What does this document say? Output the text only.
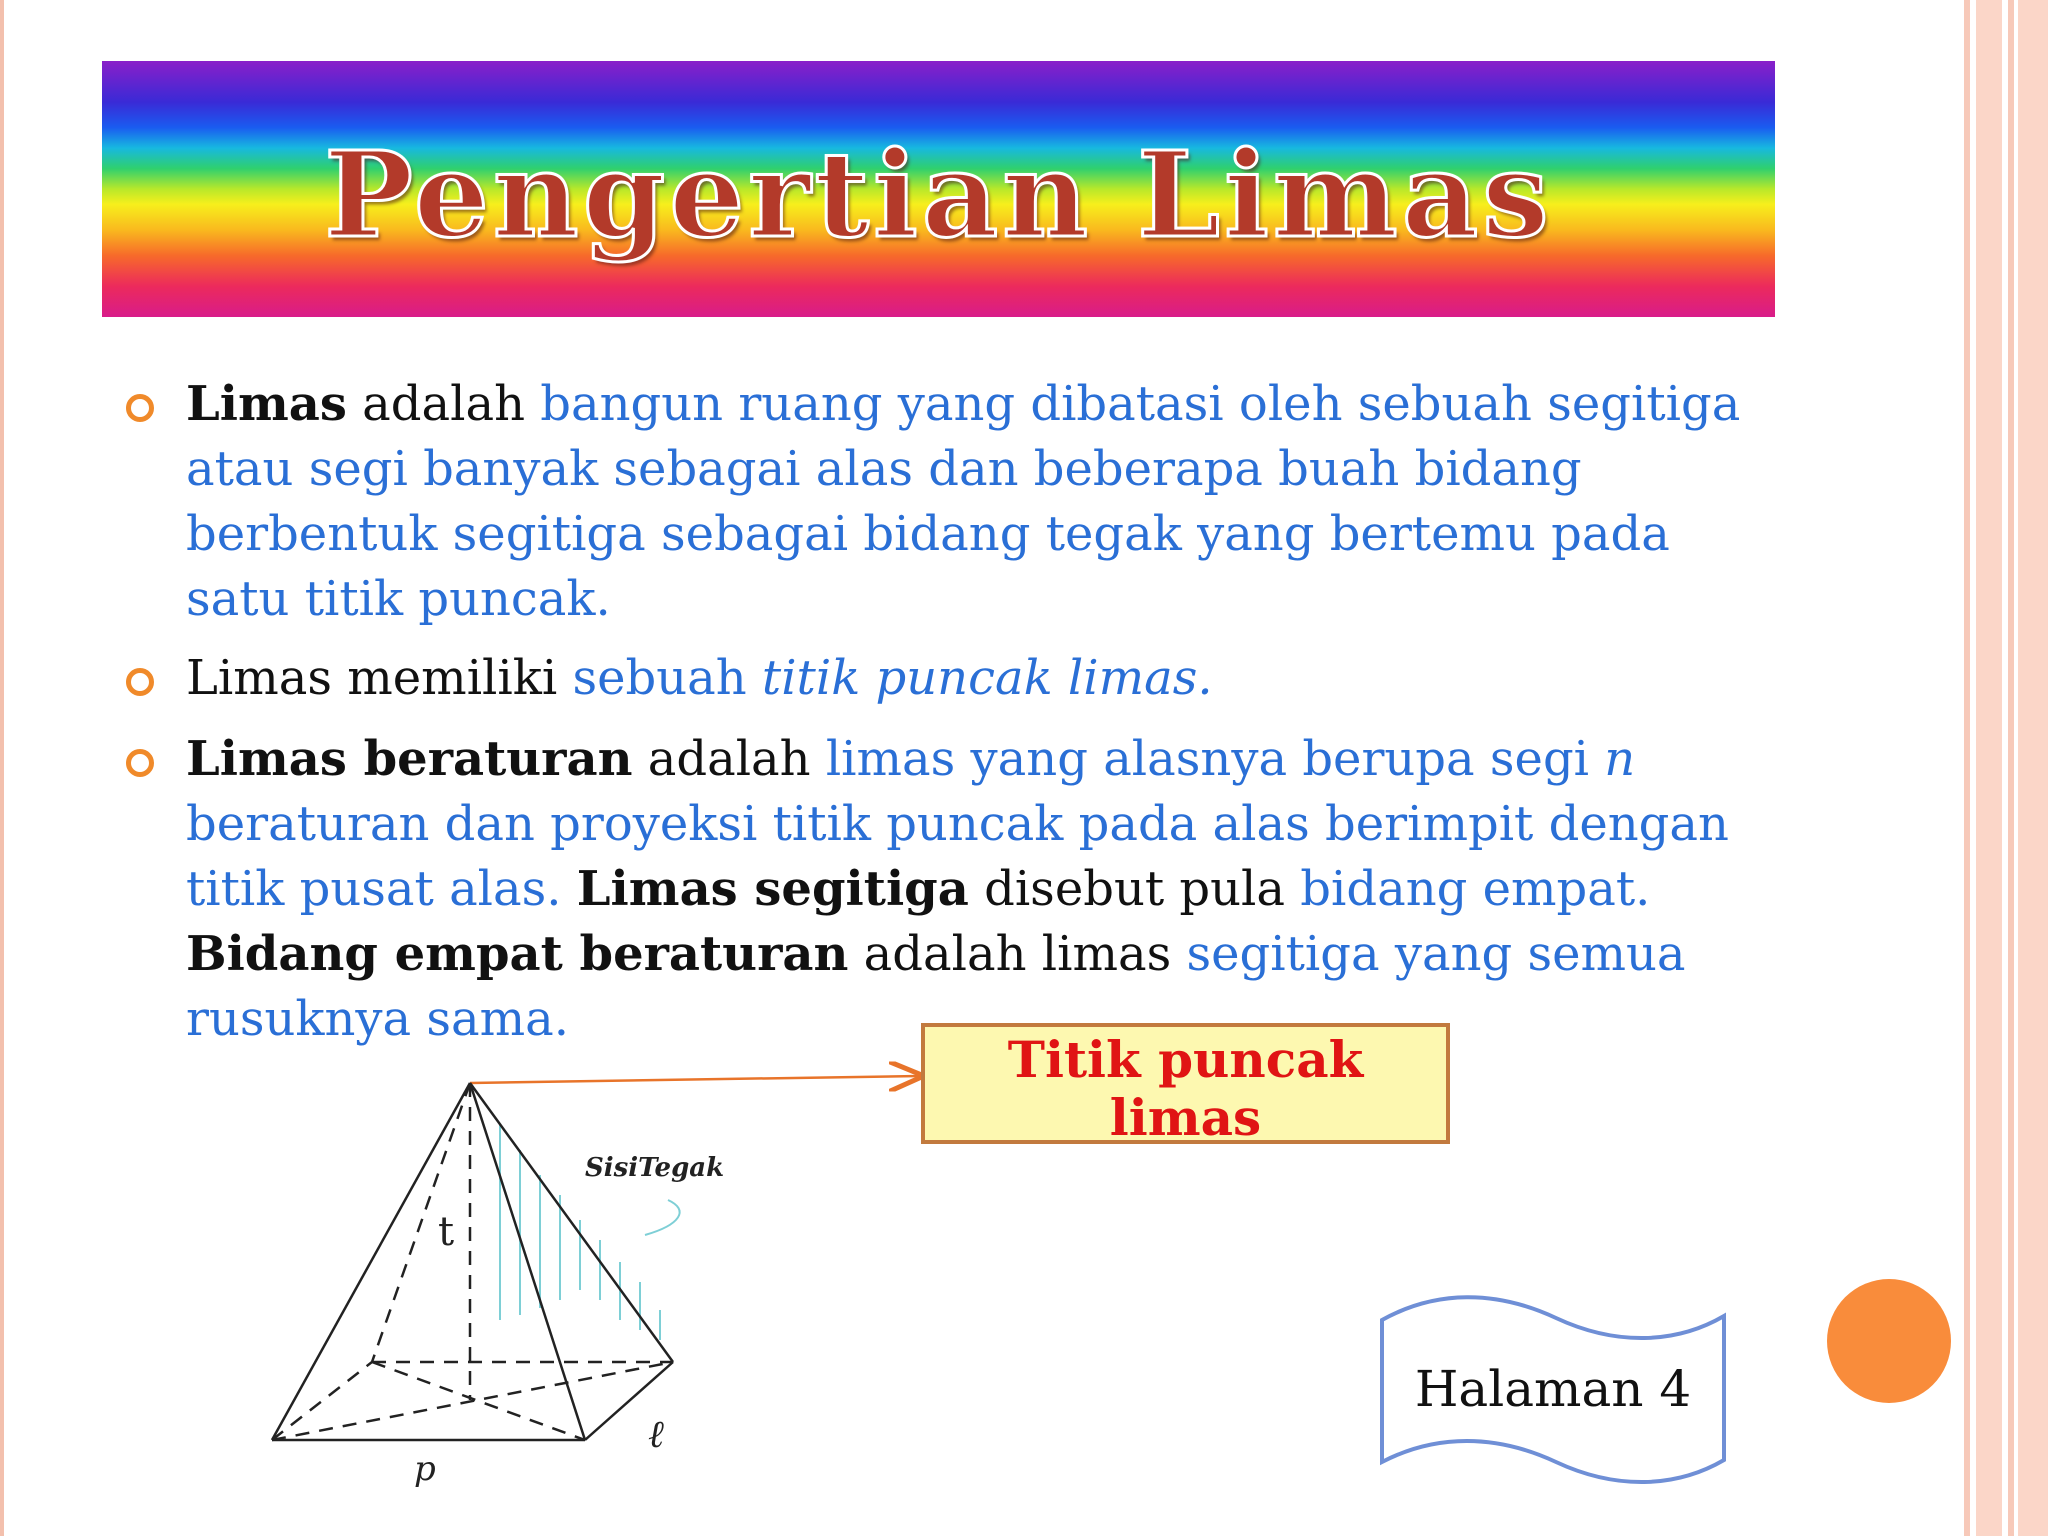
Pengertian Limas
Limas adalah bangun ruang yang dibatasi oleh sebuah segitiga atau segi banyak sebagai alas dan beberapa buah bidang berbentuk segitiga sebagai bidang tegak yang bertemu pada satu titik puncak.
Limas memiliki sebuah titik puncak limas.
Limas beraturan adalah limas yang alasnya berupa segi n beraturan dan proyeksi titik puncak pada alas berimpit dengan titik pusat alas. Limas segitiga disebut pula bidang empat. Bidang empat beraturan adalah limas segitiga yang semua rusuknya sama.
SisiTegak
t
p
ℓ
Titik puncak
limas
Halaman 4
